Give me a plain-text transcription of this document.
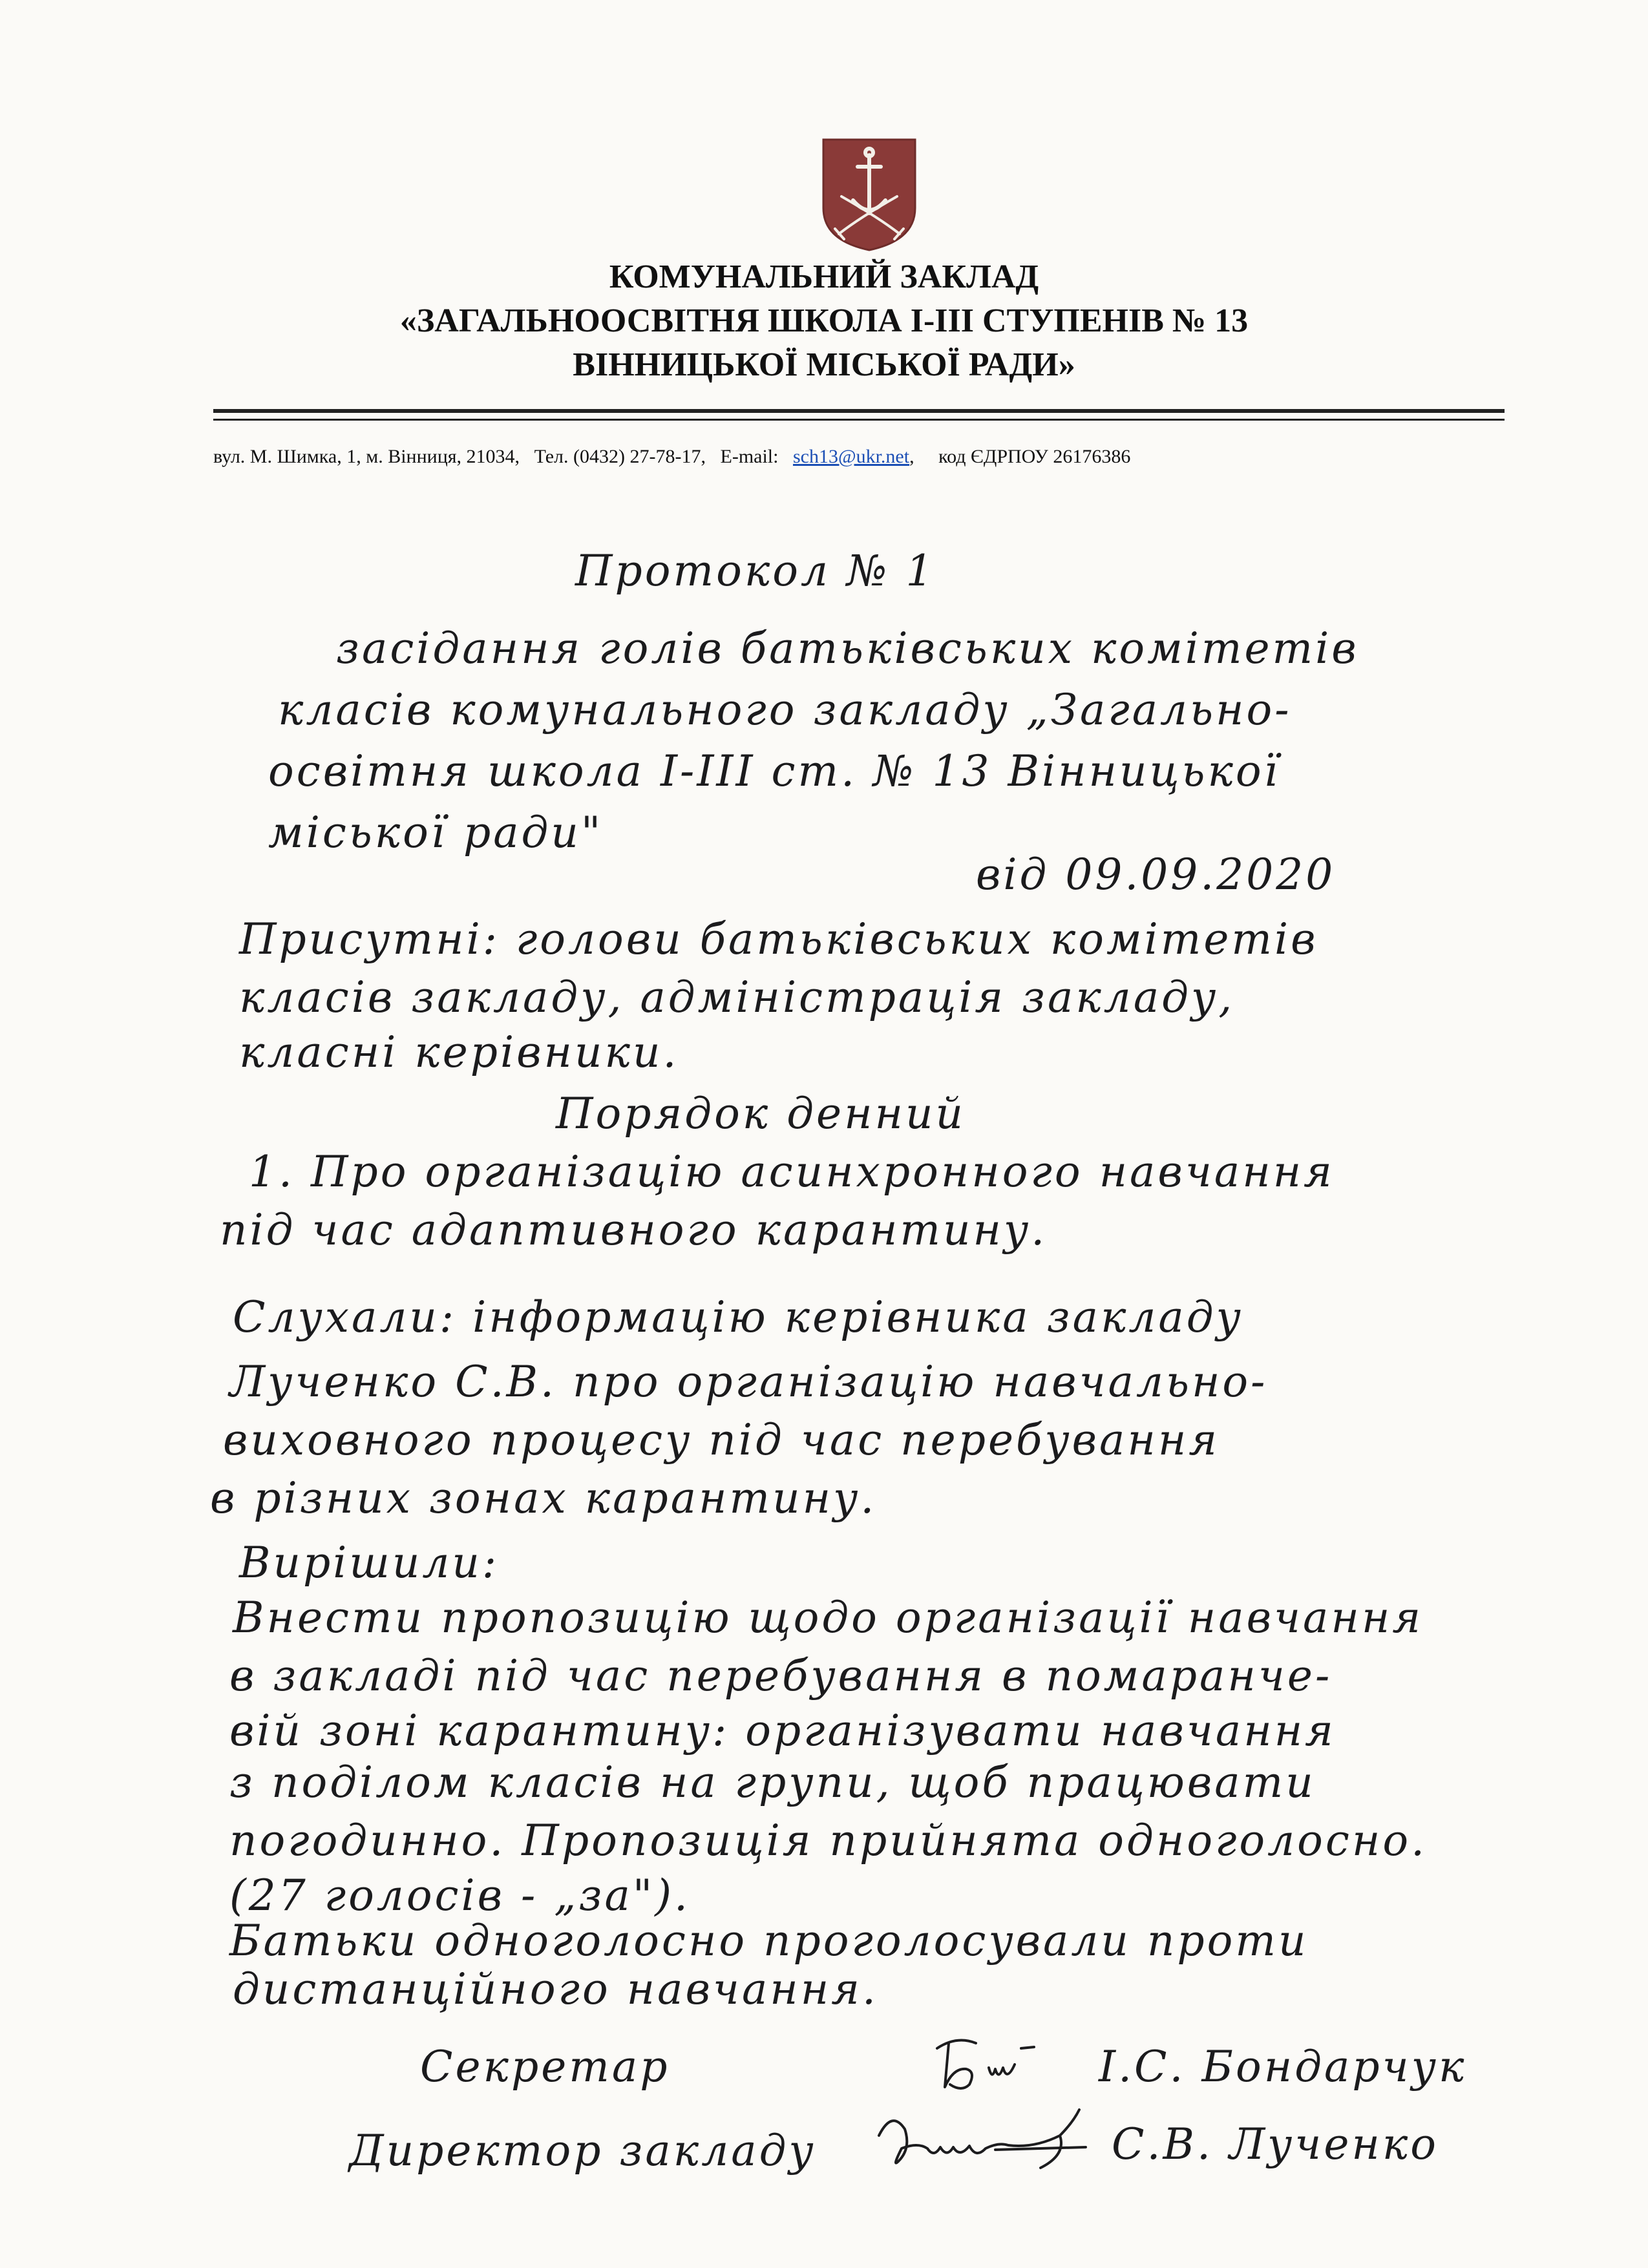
КОМУНАЛЬНИЙ ЗАКЛАД
«ЗАГАЛЬНООСВІТНЯ ШКОЛА І-ІІІ СТУПЕНІВ № 13
ВІННИЦЬКОЇ МІСЬКОЇ РАДИ»
вул. М. Шимка, 1, м. Вінниця, 21034, Тел. (0432) 27-78-17, E-mail: sch13@ukr.net,     код ЄДРПОУ 26176386
Протокол № 1
засідання голів батьківських комітетів
класів комунального закладу „Загально-
освітня школа І-ІІІ ст. № 13 Вінницької
міської ради"
від 09.09.2020
Присутні: голови батьківських комітетів
класів закладу, адміністрація закладу,
класні керівники.
Порядок денний
1. Про організацію асинхронного навчання
під час адаптивного карантину.
Слухали: інформацію керівника закладу
Лученко С.В. про організацію навчально-
виховного процесу під час перебування
в різних зонах карантину.
Вирішили:
Внести пропозицію щодо організації навчання
в закладі під час перебування в помаранче-
вій зоні карантину: організувати навчання
з поділом класів на групи, щоб працювати
погодинно. Пропозиція прийнята одноголосно.
(27 голосів - „за").
Батьки одноголосно проголосували проти
дистанційного навчання.
Секретар	І.С. Бондарчук
Директор закладу	С.В. Лученко
